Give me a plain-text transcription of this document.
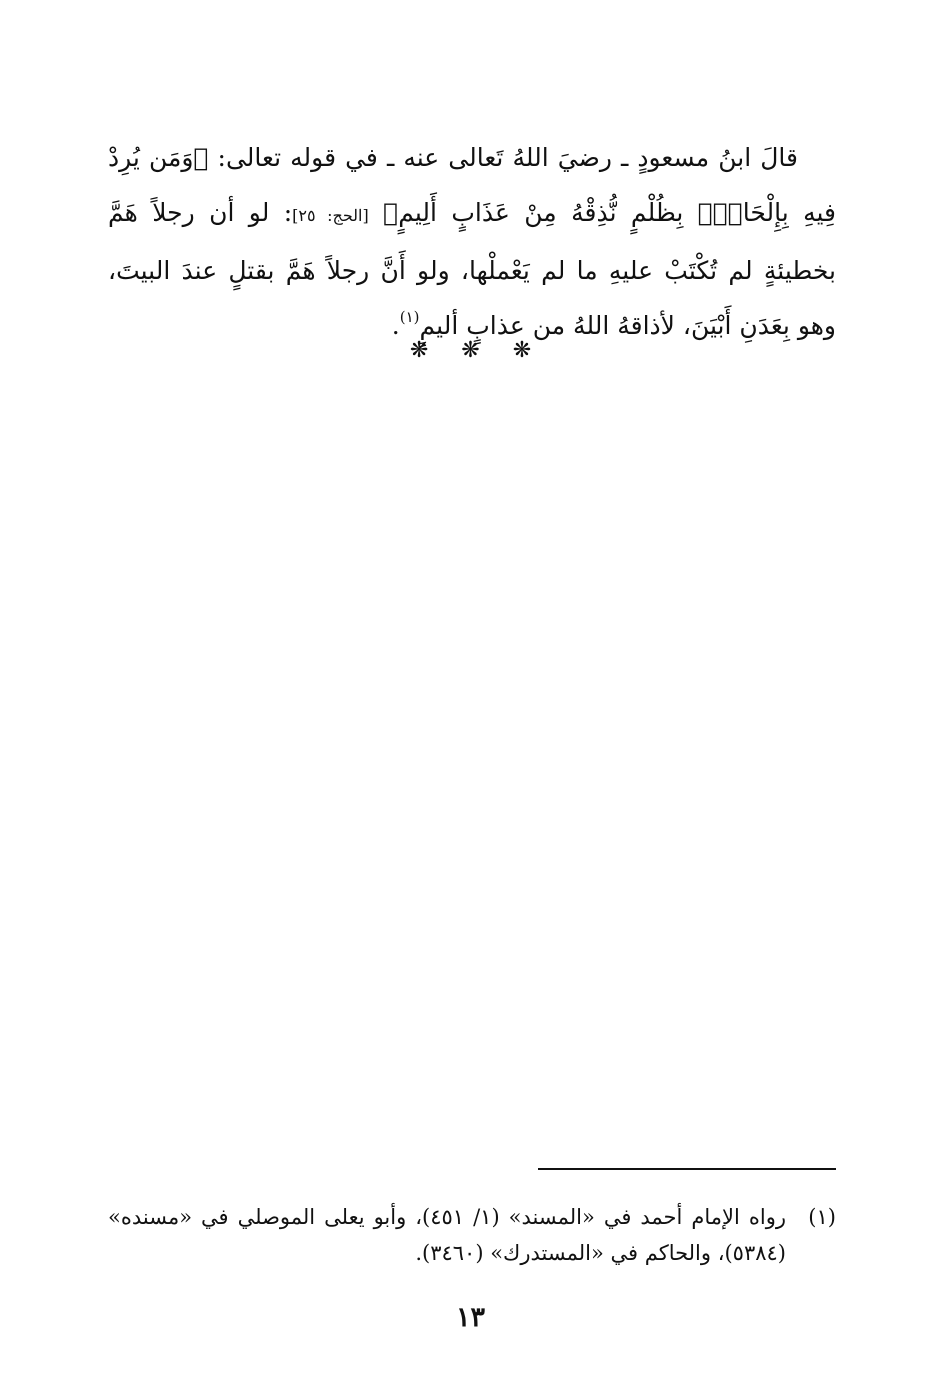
قالَ ابنُ مسعودٍ ـ رضيَ اللهُ تَعالى عنه ـ في قوله تعالى: ﴿وَمَن يُرِدْ فِيهِ بِإِلْحَادٍۭ بِظُلْمٍ نُّذِقْهُ مِنْ عَذَابٍ أَلِيمٍ﴾ [الحج: ٢٥]: لو أن رجلاً هَمَّ بخطيئةٍ لم تُكْتَبْ عليهِ ما لم يَعْملْها، ولو أَنَّ رجلاً هَمَّ بقتلٍ عندَ البيتَ، وهو بِعَدَنِ أَبْيَنَ، لأذاقهُ اللهُ من عذابٍ أليمٍ$^{(١)}$.

❋ ❋ ❋

(١)رواه الإمام أحمد في «المسند» (١/ ٤٥١)، وأبو يعلى الموصلي في «مسنده» (٥٣٨٤)، والحاكم في «المستدرك» (٣٤٦٠).

١٣
